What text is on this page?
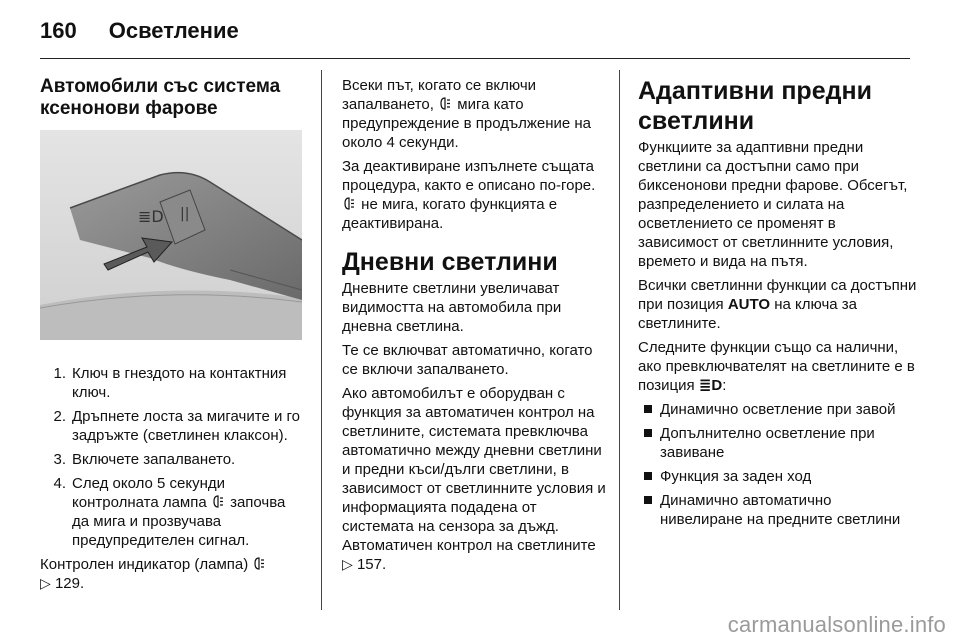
160 Осветление
Автомобили със система ксенонови фарове
≣D ||
1. Ключ в гнездото на контактния ключ.
2. Дръпнете лоста за мигачите и го задръжте (светлинен клаксон).
3. Включете запалването.
4. След около 5 секунди контролната лампа започва да мига и прозвучава предупредителен сигнал.

Контролен индикатор (лампа)

▷ 129.

Всеки път, когато се включи запалването, мига като предупреждение в продължение на около 4 секунди.

За деактивиране изпълнете същата процедура, както е описано по-горе.
не мига, когато функцията е деактивирана.

Дневни светлини

Дневните светлини увеличават видимостта на автомобила при дневна светлина.

Те се включват автоматично, когато се включи запалването.

Ако автомобилът е оборудван с функция за автоматичен контрол на светлините, системата превключва автоматично между дневни светлини и предни къси/дълги светлини, в зависимост от светлинните условия и информацията подадена от системата на сензора за дъжд. Автоматичен контрол на светлините
▷ 157.

Адаптивни предни светлини

Функциите за адаптивни предни светлини са достъпни само при биксенонови предни фарове. Обсегът, разпределението и силата на осветлението се променят в зависимост от светлинните условия, времето и вида на пътя.

Всички светлинни функции са достъпни при позиция AUTO на ключа за светлините.

Следните функции също са налични, ако превключвателят на светлините е в позиция ≣D:

Динамично осветление при завой
Допълнително осветление при завиване
Функция за заден ход
Динамично автоматично нивелиране на предните светлини
carmanualsonline.info
